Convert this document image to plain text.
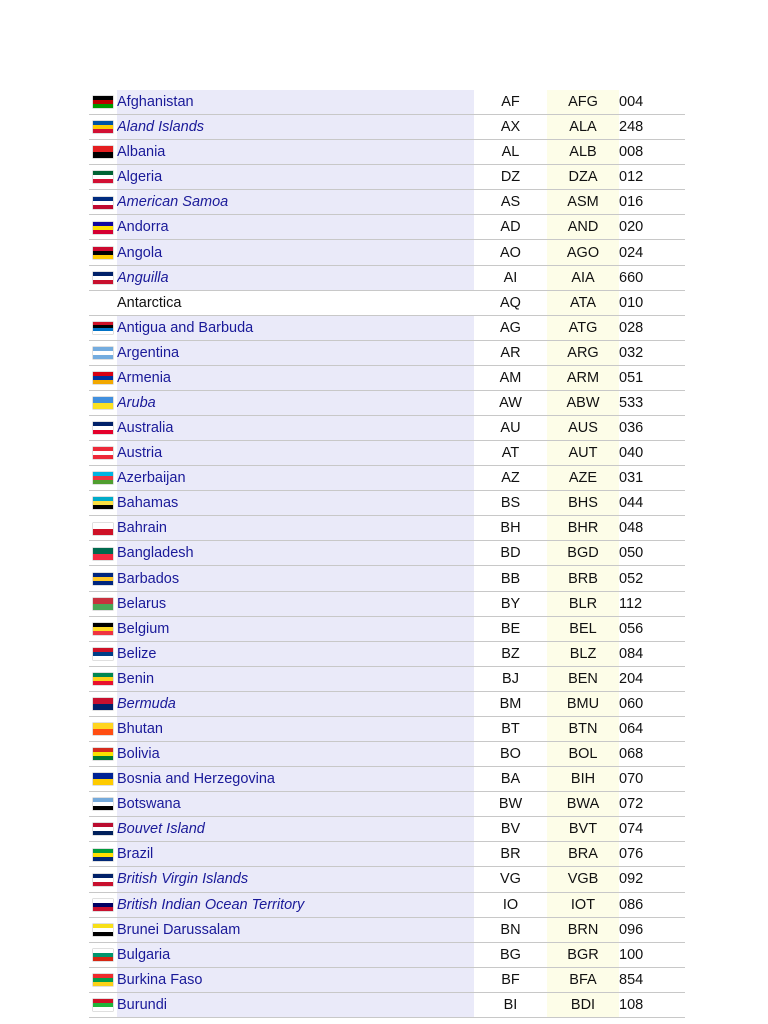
	Afghanistan	AF	AFG	004
	Aland Islands	AX	ALA	248
	Albania	AL	ALB	008
	Algeria	DZ	DZA	012
	American Samoa	AS	ASM	016
	Andorra	AD	AND	020
	Angola	AO	AGO	024
	Anguilla	AI	AIA	660
	Antarctica	AQ	ATA	010
	Antigua and Barbuda	AG	ATG	028
	Argentina	AR	ARG	032
	Armenia	AM	ARM	051
	Aruba	AW	ABW	533
	Australia	AU	AUS	036
	Austria	AT	AUT	040
	Azerbaijan	AZ	AZE	031
	Bahamas	BS	BHS	044
	Bahrain	BH	BHR	048
	Bangladesh	BD	BGD	050
	Barbados	BB	BRB	052
	Belarus	BY	BLR	112
	Belgium	BE	BEL	056
	Belize	BZ	BLZ	084
	Benin	BJ	BEN	204
	Bermuda	BM	BMU	060
	Bhutan	BT	BTN	064
	Bolivia	BO	BOL	068
	Bosnia and Herzegovina	BA	BIH	070
	Botswana	BW	BWA	072
	Bouvet Island	BV	BVT	074
	Brazil	BR	BRA	076
	British Virgin Islands	VG	VGB	092
	British Indian Ocean Territory	IO	IOT	086
	Brunei Darussalam	BN	BRN	096
	Bulgaria	BG	BGR	100
	Burkina Faso	BF	BFA	854
	Burundi	BI	BDI	108
